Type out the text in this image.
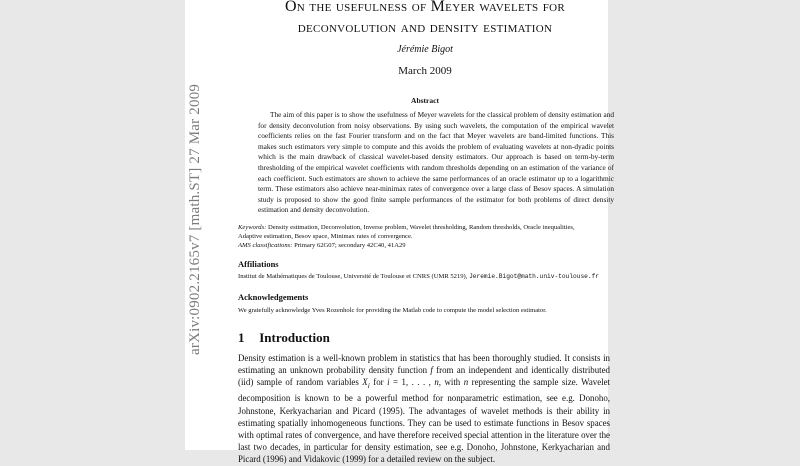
arXiv:0902.2165v7 [math.ST] 27 Mar 2009
On the usefulness of Meyer wavelets for
deconvolution and density estimation
Jérémie Bigot
March 2009
Abstract
The aim of this paper is to show the usefulness of Meyer wavelets for the classical problem of density estimation and for density deconvolution from noisy observations. By using such wavelets, the computation of the empirical wavelet coefficients relies on the fast Fourier transform and on the fact that Meyer wavelets are band-limited functions. This makes such estimators very simple to compute and this avoids the problem of evaluating wavelets at non-dyadic points which is the main drawback of classical wavelet-based density estimators. Our approach is based on term-by-term thresholding of the empirical wavelet coefficients with random thresholds depending on an estimation of the variance of each coefficient. Such estimators are shown to achieve the same performances of an oracle estimator up to a logarithmic term. These estimators also achieve near-minimax rates of convergence over a large class of Besov spaces. A simulation study is proposed to show the good finite sample performances of the estimator for both problems of direct density estimation and density deconvolution.
Keywords: Density estimation, Deconvolution, Inverse problem, Wavelet thresholding, Random thresholds, Oracle inequalities,
Adaptive estimation, Besov space, Minimax rates of convergence.
AMS classifications: Primary 62G07; secondary 42C40, 41A29
Affiliations
Institut de Mathématiques de Toulouse, Université de Toulouse et CNRS (UMR 5219), Jeremie.Bigot@math.univ-toulouse.fr
Acknowledgements
We gratefully acknowledge Yves Rozenholc for providing the Matlab code to compute the model selection estimator.
1 Introduction
Density estimation is a well-known problem in statistics that has been thoroughly studied. It consists in estimating an unknown probability density function f from an independent and identically distributed (iid) sample of random variables $X_i$ for i = 1, . . . , n, with n representing the sample size. Wavelet decomposition is known to be a powerful method for nonparametric estimation, see e.g. Donoho, Johnstone, Kerkyacharian and Picard (1995). The advantages of wavelet methods is their ability in estimating spatially inhomogeneous functions. They can be used to estimate functions in Besov spaces with optimal rates of convergence, and have therefore received special attention in the literature over the last two decades, in particular for density estimation, see e.g. Donoho, Johnstone, Kerkyacharian and Picard (1996) and Vidakovic (1999) for a detailed review on the subject.
